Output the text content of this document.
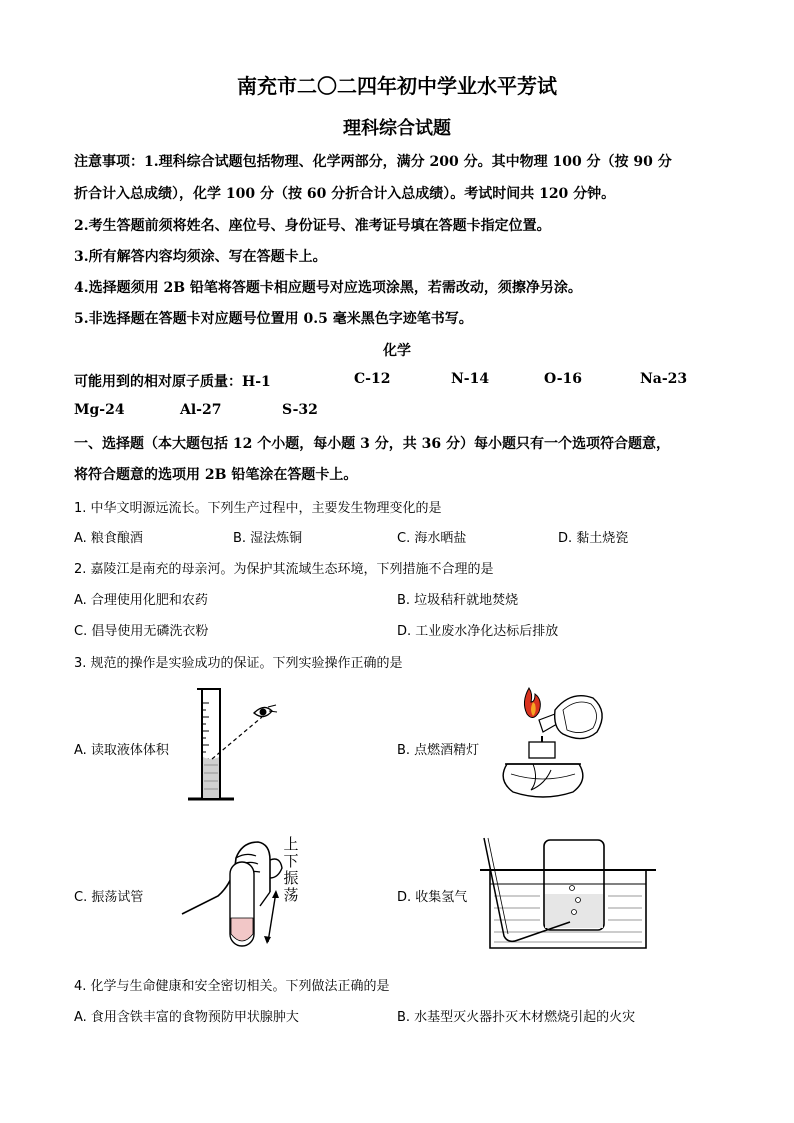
南充市二〇二四年初中学业水平芳试
理科综合试题
注意事项：1.理科综合试题包括物理、化学两部分，满分 200 分。其中物理 100 分（按 90 分
折合计入总成绩），化学 100 分（按 60 分折合计入总成绩）。考试时间共 120 分钟。
2.考生答题前须将姓名、座位号、身份证号、准考证号填在答题卡指定位置。
3.所有解答内容均须涂、写在答题卡上。
4.选择题须用 2B 铅笔将答题卡相应题号对应选项涂黑，若需改动，须擦净另涂。
5.非选择题在答题卡对应题号位置用 0.5 毫米黑色字迹笔书写。
化学
可能用到的相对原子质量：H-1	C-12	N-14	O-16	Na-23
Mg-24	Al-27	S-32
一、选择题（本大题包括 12 个小题，每小题 3 分，共 36 分）每小题只有一个选项符合题意，
将符合题意的选项用 2B 铅笔涂在答题卡上。
1. 中华文明源远流长。下列生产过程中，主要发生物理变化的是
A. 粮食酿酒	B. 湿法炼铜	C. 海水晒盐	D. 黏土烧瓷
2. 嘉陵江是南充的母亲河。为保护其流域生态环境，下列措施不合理的是
A. 合理使用化肥和农药	B. 垃圾秸秆就地焚烧
C. 倡导使用无磷洗衣粉	D. 工业废水净化达标后排放
3. 规范的操作是实验成功的保证。下列实验操作正确的是
A. 读取液体体积	B. 点燃酒精灯
C. 振荡试管	D. 收集氢气
上下振荡
4. 化学与生命健康和安全密切相关。下列做法正确的是
A. 食用含铁丰富的食物预防甲状腺肿大	B. 水基型灭火器扑灭木材燃烧引起的火灾
